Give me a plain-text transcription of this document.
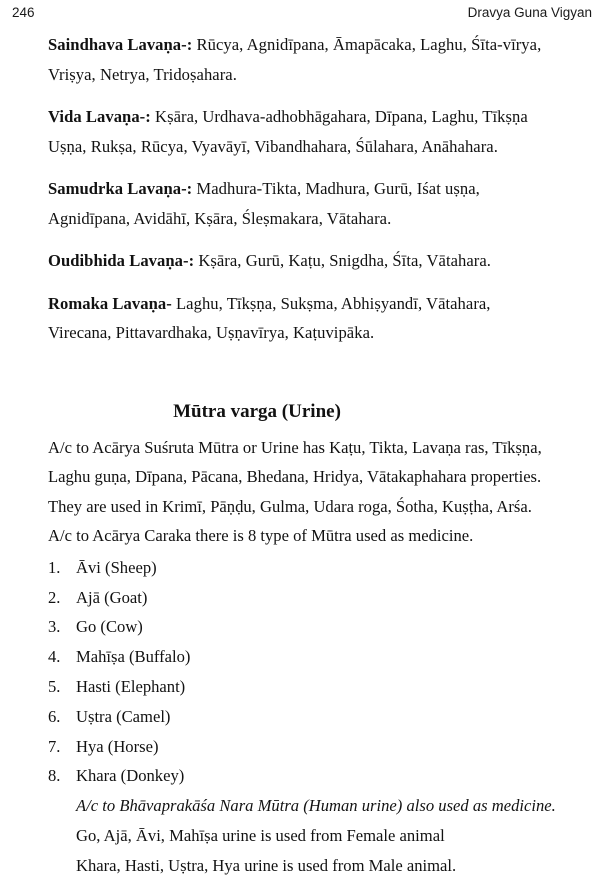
246	Dravya Guna Vigyan

Saindhava Lavaṇa-: Rūcya, Agnidīpana, Āmapācaka, Laghu, Śīta-vīrya, Vriṣya, Netrya, Tridoṣahara.

Vida Lavaṇa-: Kṣāra, Urdhava-adhobhāgahara, Dīpana, Laghu, Tīkṣṇa Uṣṇa, Rukṣa, Rūcya, Vyavāyī, Vibandhahara, Śūlahara, Anāhahara.

Samudrka Lavaṇa-: Madhura-Tikta, Madhura, Gurū, Iśat uṣṇa, Agnidīpana, Avidāhī, Kṣāra, Śleṣmakara, Vātahara.

Oudibhida Lavaṇa-: Kṣāra, Gurū, Kaṭu, Snigdha, Śīta, Vātahara.

Romaka Lavaṇa- Laghu, Tīkṣṇa, Sukṣma, Abhiṣyandī, Vātahara, Virecana, Pittavardhaka, Uṣṇavīrya, Kaṭuvipāka.

Mūtra varga (Urine)

A/c to Acārya Suśruta Mūtra or Urine has Kaṭu, Tikta, Lavaṇa ras, Tīkṣṇa,

Laghu guṇa, Dīpana, Pācana, Bhedana, Hridya, Vātakaphahara properties.

They are used in Krimī, Pāṇḍu, Gulma, Udara roga, Śotha, Kuṣṭha, Arśa.

A/c to Acārya Caraka there is 8 type of Mūtra used as medicine.

1. Āvi (Sheep)
2. Ajā (Goat)
3. Go (Cow)
4. Mahīṣa (Buffalo)
5. Hasti (Elephant)
6. Uṣtra (Camel)
7. Hya (Horse)
8. Khara (Donkey)
A/c to Bhāvaprakāśa Nara Mūtra (Human urine) also used as medicine.
Go, Ajā, Āvi, Mahīṣa urine is used from Female animal
Khara, Hasti, Uṣtra, Hya urine is used from Male animal.
